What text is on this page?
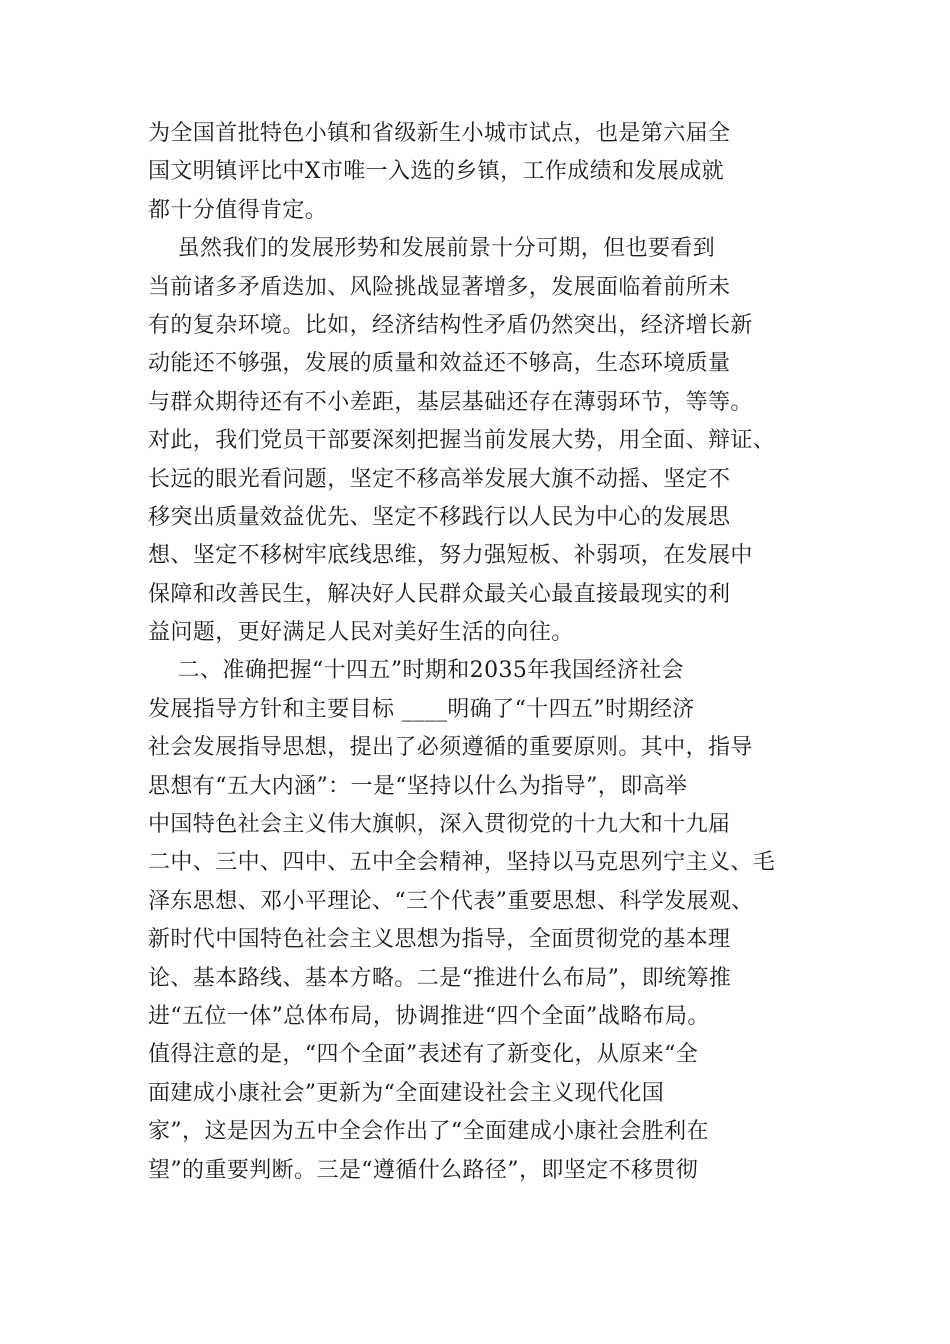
为全国首批特色小镇和省级新生小城市试点，也是第六届全
国文明镇评比中X市唯一入选的乡镇，工作成绩和发展成就
都十分值得肯定。
虽然我们的发展形势和发展前景十分可期，但也要看到
当前诸多矛盾迭加、风险挑战显著增多，发展面临着前所未
有的复杂环境。比如，经济结构性矛盾仍然突出，经济增长新
动能还不够强，发展的质量和效益还不够高，生态环境质量
与群众期待还有不小差距，基层基础还存在薄弱环节，等等。
对此，我们党员干部要深刻把握当前发展大势，用全面、辩证、
长远的眼光看问题，坚定不移高举发展大旗不动摇、坚定不
移突出质量效益优先、坚定不移践行以人民为中心的发展思
想、坚定不移树牢底线思维，努力强短板、补弱项，在发展中
保障和改善民生，解决好人民群众最关心最直接最现实的利
益问题，更好满足人民对美好生活的向往。
二、准确把握“十四五”时期和2035年我国经济社会
发展指导方针和主要目标 ____明确了“十四五”时期经济
社会发展指导思想，提出了必须遵循的重要原则。其中，指导
思想有“五大内涵”：一是“坚持以什么为指导”，即高举
中国特色社会主义伟大旗帜，深入贯彻党的十九大和十九届
二中、三中、四中、五中全会精神，坚持以马克思列宁主义、毛
泽东思想、邓小平理论、“三个代表”重要思想、科学发展观、
新时代中国特色社会主义思想为指导，全面贯彻党的基本理
论、基本路线、基本方略。二是“推进什么布局”，即统筹推
进“五位一体”总体布局，协调推进“四个全面”战略布局。
值得注意的是，“四个全面”表述有了新变化，从原来“全
面建成小康社会”更新为“全面建设社会主义现代化国
家”，这是因为五中全会作出了“全面建成小康社会胜利在
望”的重要判断。三是“遵循什么路径”，即坚定不移贯彻
